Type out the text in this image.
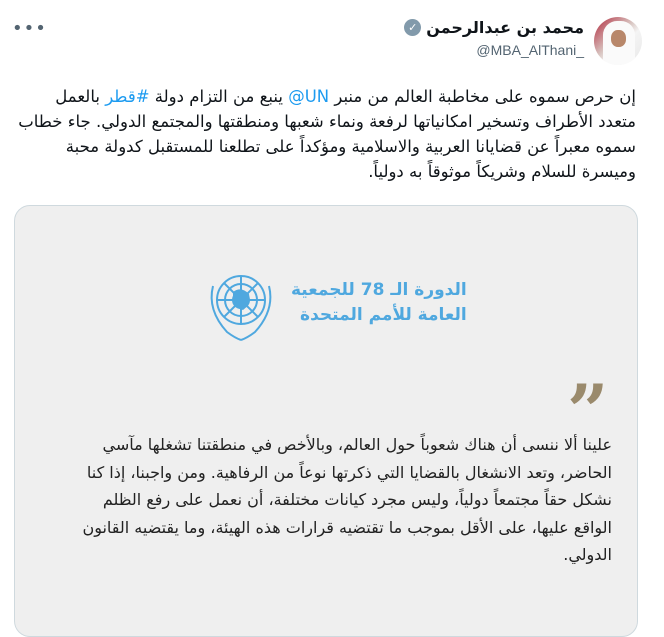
•••	محمد بن عبدالرحمن
✓
@MBA_AlThani_
إن حرص سموه على مخاطبة العالم من منبر @UN ينبع من التزام دولة #قطر بالعمل متعدد الأطراف وتسخير امكانياتها لرفعة ونماء شعبها ومنطقتها والمجتمع الدولي. جاء خطاب سموه معبراً عن قضايانا العربية والاسلامية ومؤكداً على تطلعنا للمستقبل كدولة محبة وميسرة للسلام وشريكاً موثوقاً به دولياً.
الدورة الـ 78 للجمعية
العامة للأمم المتحدة
”
علينا ألا ننسى أن هناك شعوباً حول العالم، وبالأخص في منطقتنا تشغلها مآسي الحاضر، وتعد الانشغال بالقضايا التي ذكرتها نوعاً من الرفاهية. ومن واجبنا، إذا كنا نشكل حقاً مجتمعاً دولياً، وليس مجرد كيانات مختلفة، أن نعمل على رفع الظلم الواقع عليها، على الأقل بموجب ما تقتضيه قرارات هذه الهيئة، وما يقتضيه القانون الدولي.
